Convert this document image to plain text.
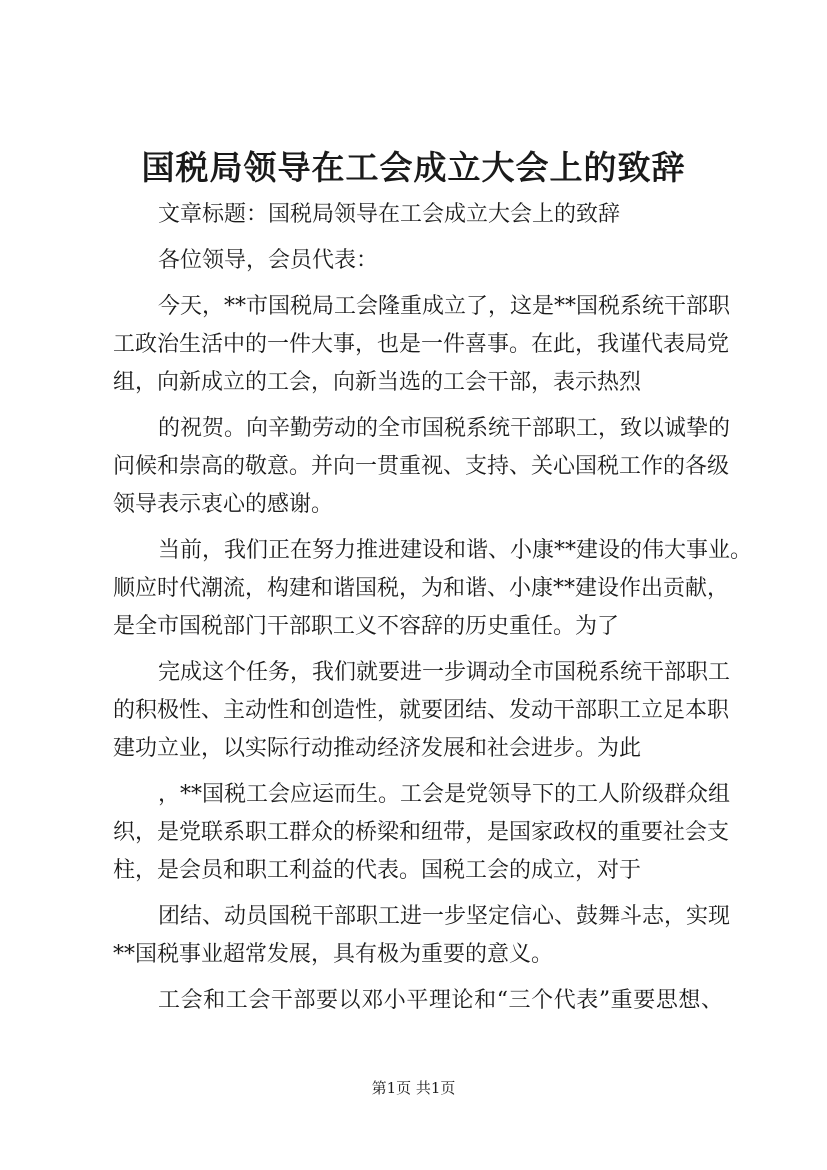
国税局领导在工会成立大会上的致辞
文章标题：国税局领导在工会成立大会上的致辞
各位领导，会员代表：
今天，**市国税局工会隆重成立了，这是**国税系统干部职
工政治生活中的一件大事，也是一件喜事。在此，我谨代表局党
组，向新成立的工会，向新当选的工会干部，表示热烈
的祝贺。向辛勤劳动的全市国税系统干部职工，致以诚挚的
问候和崇高的敬意。并向一贯重视、支持、关心国税工作的各级
领导表示衷心的感谢。
当前，我们正在努力推进建设和谐、小康**建设的伟大事业。
顺应时代潮流，构建和谐国税，为和谐、小康**建设作出贡献，
是全市国税部门干部职工义不容辞的历史重任。为了
完成这个任务，我们就要进一步调动全市国税系统干部职工
的积极性、主动性和创造性，就要团结、发动干部职工立足本职
建功立业，以实际行动推动经济发展和社会进步。为此
，**国税工会应运而生。工会是党领导下的工人阶级群众组
织，是党联系职工群众的桥梁和纽带，是国家政权的重要社会支
柱，是会员和职工利益的代表。国税工会的成立，对于
团结、动员国税干部职工进一步坚定信心、鼓舞斗志，实现
**国税事业超常发展，具有极为重要的意义。
工会和工会干部要以邓小平理论和“三个代表”重要思想、
第1页 共1页
